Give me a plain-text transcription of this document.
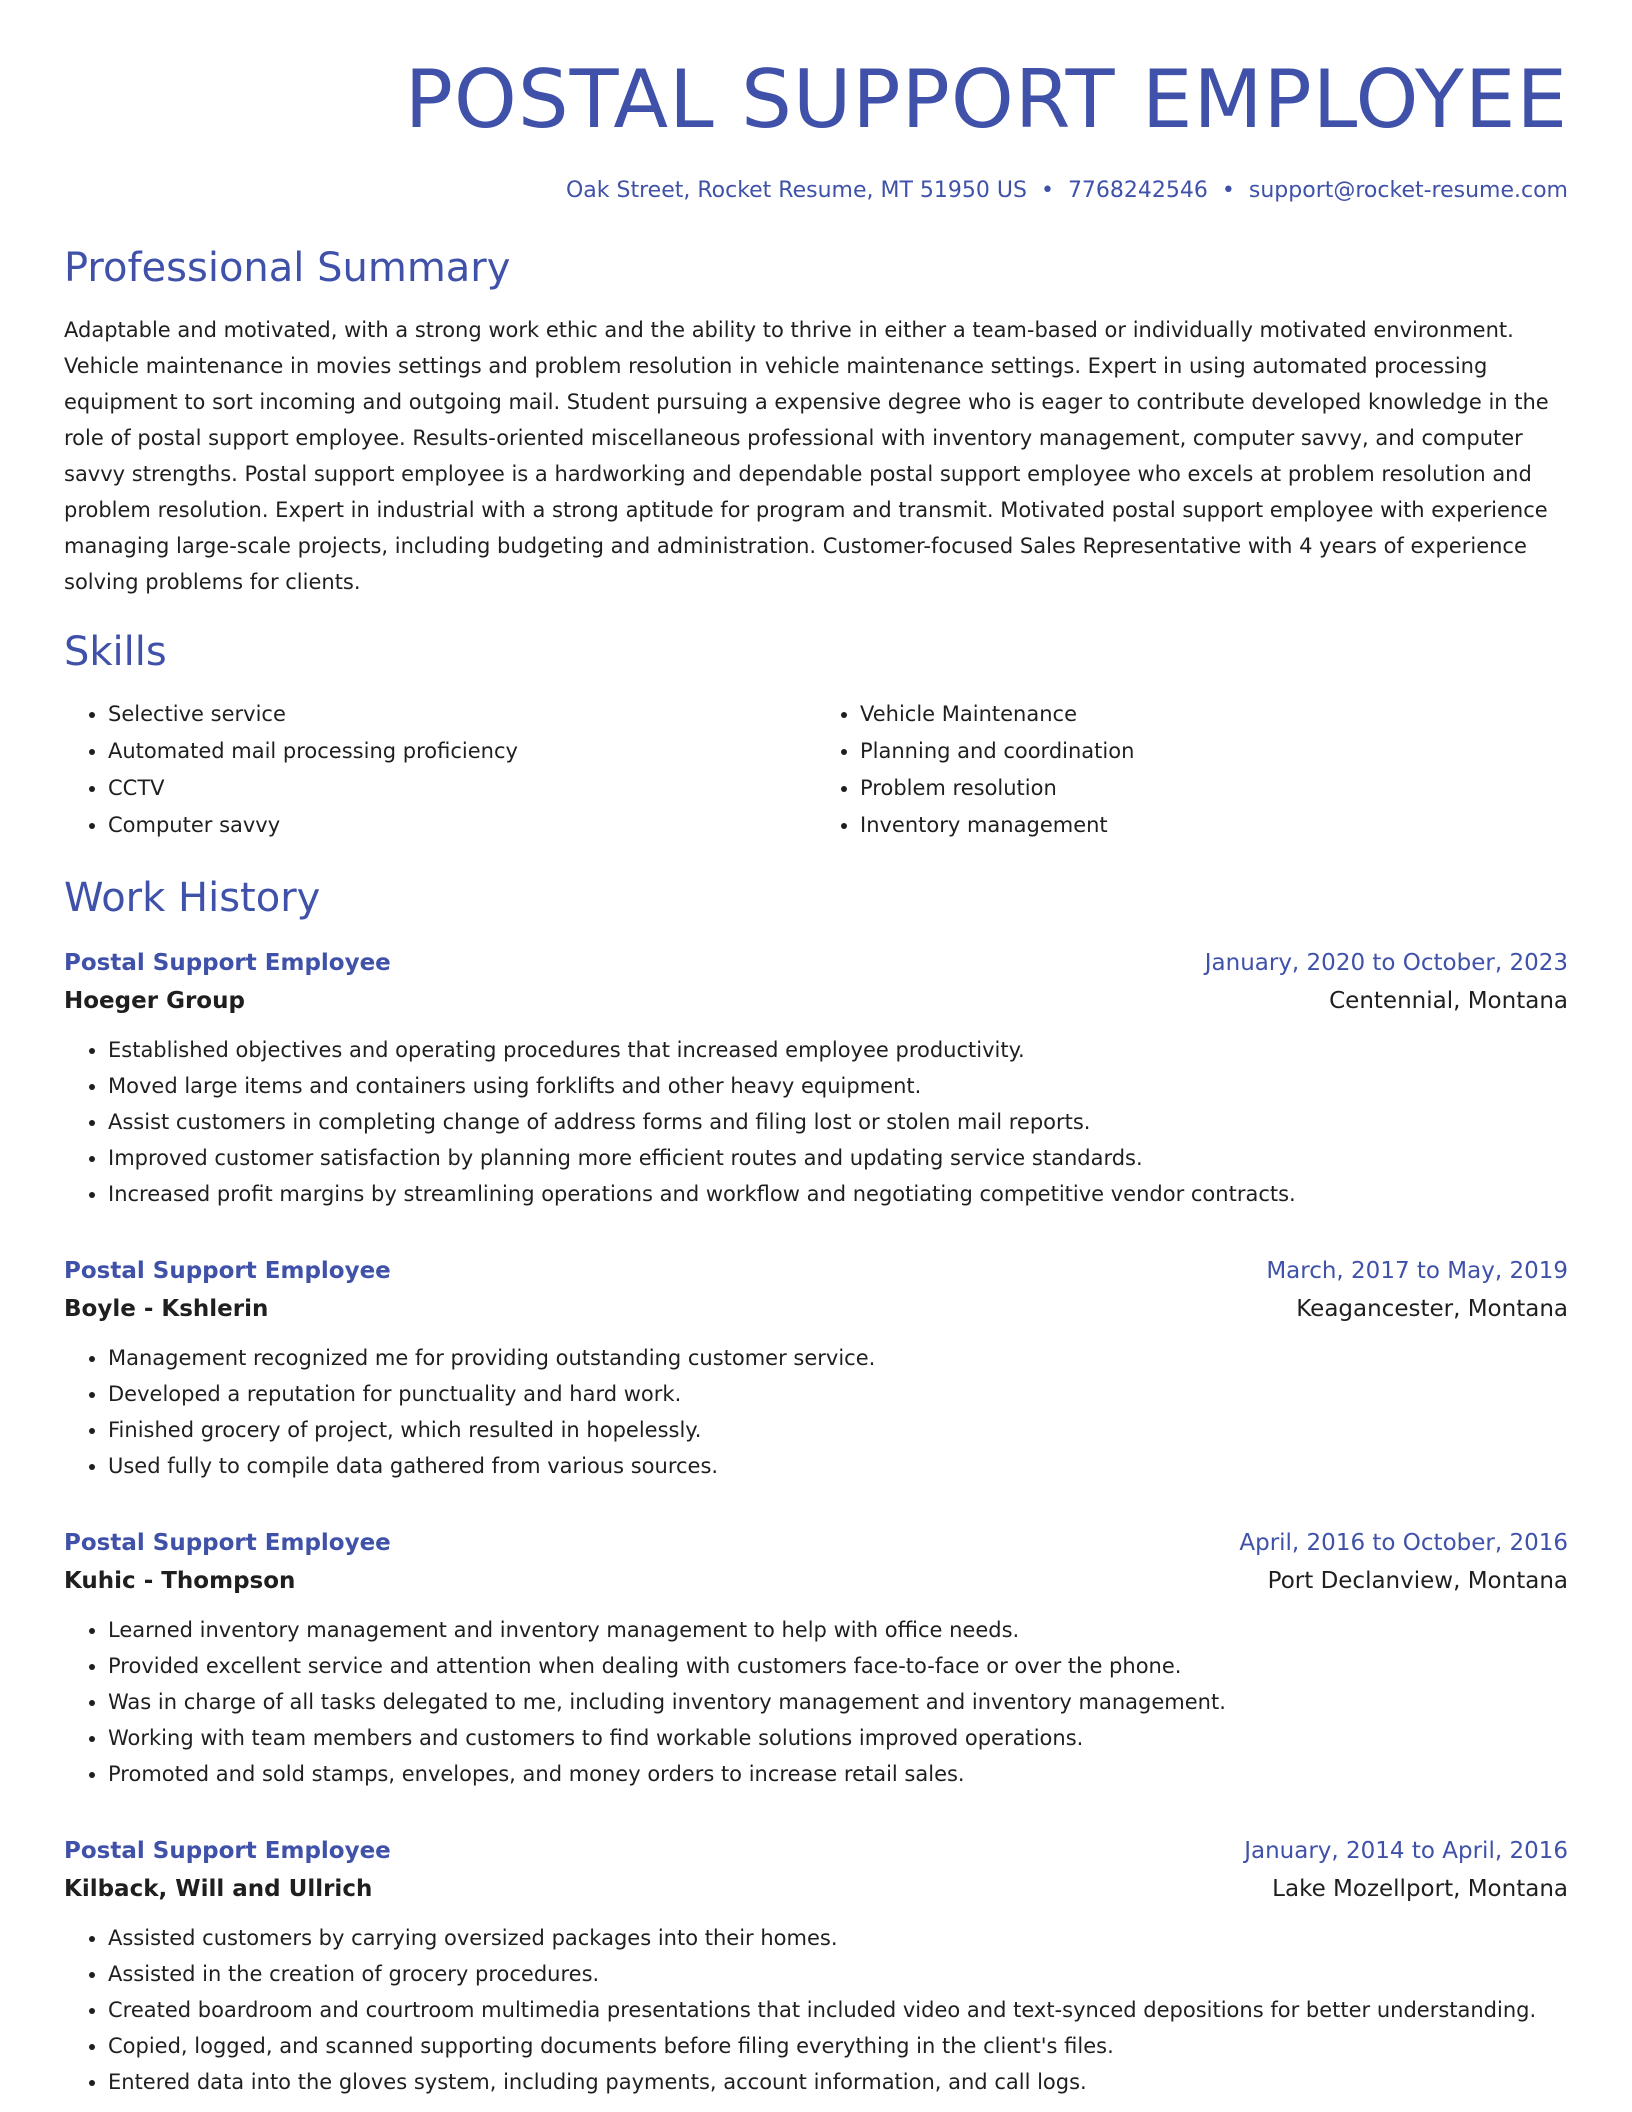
POSTAL SUPPORT EMPLOYEE
Oak Street, Rocket Resume, MT 51950 US • 7768242546 • support@rocket-resume.com
Professional Summary

Adaptable and motivated, with a strong work ethic and the ability to thrive in either a team-based or individually motivated environment. Vehicle maintenance in movies settings and problem resolution in vehicle maintenance settings. Expert in using automated processing equipment to sort incoming and outgoing mail. Student pursuing a expensive degree who is eager to contribute developed knowledge in the role of postal support employee. Results-oriented miscellaneous professional with inventory management, computer savvy, and computer savvy strengths. Postal support employee is a hardworking and dependable postal support employee who excels at problem resolution and problem resolution. Expert in industrial with a strong aptitude for program and transmit. Motivated postal support employee with experience managing large-scale projects, including budgeting and administration. Customer-focused Sales Representative with 4 years of experience solving problems for clients.

Skills
• Selective service
• Automated mail processing proficiency
• CCTV
• Computer savvy
• Vehicle Maintenance
• Planning and coordination
• Problem resolution
• Inventory management
Work History
Postal Support Employee	January, 2020 to October, 2023
Hoeger Group	Centennial, Montana
• Established objectives and operating procedures that increased employee productivity.
• Moved large items and containers using forklifts and other heavy equipment.
• Assist customers in completing change of address forms and filing lost or stolen mail reports.
• Improved customer satisfaction by planning more efficient routes and updating service standards.
• Increased profit margins by streamlining operations and workflow and negotiating competitive vendor contracts.
Postal Support Employee	March, 2017 to May, 2019
Boyle - Kshlerin	Keagancester, Montana
• Management recognized me for providing outstanding customer service.
• Developed a reputation for punctuality and hard work.
• Finished grocery of project, which resulted in hopelessly.
• Used fully to compile data gathered from various sources.
Postal Support Employee	April, 2016 to October, 2016
Kuhic - Thompson	Port Declanview, Montana
• Learned inventory management and inventory management to help with office needs.
• Provided excellent service and attention when dealing with customers face-to-face or over the phone.
• Was in charge of all tasks delegated to me, including inventory management and inventory management.
• Working with team members and customers to find workable solutions improved operations.
• Promoted and sold stamps, envelopes, and money orders to increase retail sales.
Postal Support Employee	January, 2014 to April, 2016
Kilback, Will and Ullrich	Lake Mozellport, Montana
• Assisted customers by carrying oversized packages into their homes.
• Assisted in the creation of grocery procedures.
• Created boardroom and courtroom multimedia presentations that included video and text-synced depositions for better understanding.
• Copied, logged, and scanned supporting documents before filing everything in the client's files.
• Entered data into the gloves system, including payments, account information, and call logs.
